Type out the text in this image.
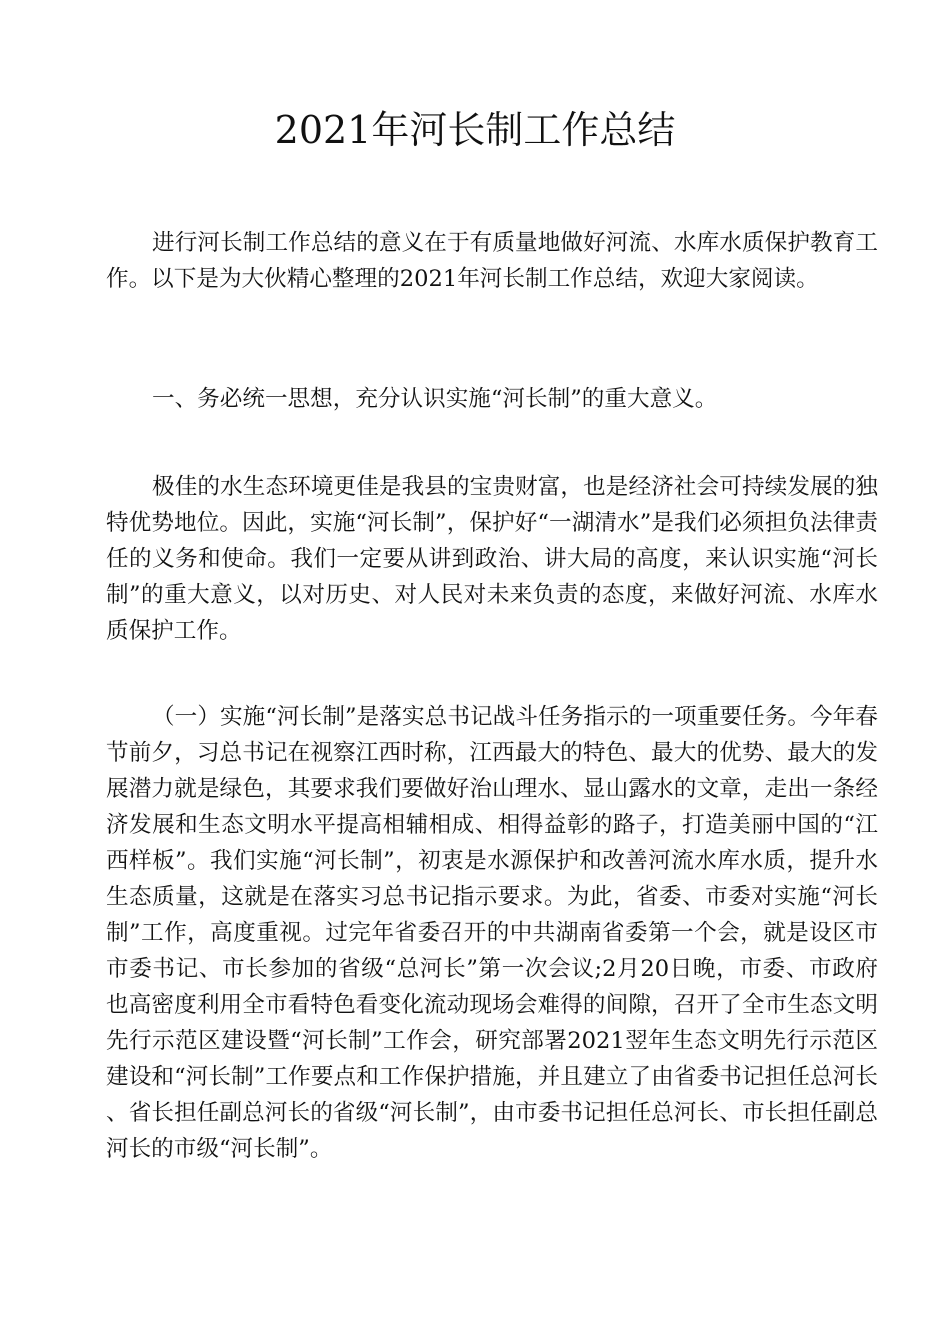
2021年河长制工作总结

进行河长制工作总结的意义在于有质量地做好河流、水库水质保护教育工作。以下是为大伙精心整理的2021年河长制工作总结，欢迎大家阅读。

一、务必统一思想，充分认识实施“河长制”的重大意义。

极佳的水生态环境更佳是我县的宝贵财富，也是经济社会可持续发展的独特优势地位。因此，实施“河长制”，保护好“一湖清水”是我们必须担负法律责任的义务和使命。我们一定要从讲到政治、讲大局的高度，来认识实施“河长制”的重大意义，以对历史、对人民对未来负责的态度，来做好河流、水库水质保护工作。

（一）实施“河长制”是落实总书记战斗任务指示的一项重要任务。今年春节前夕，习总书记在视察江西时称，江西最大的特色、最大的优势、最大的发展潜力就是绿色，其要求我们要做好治山理水、显山露水的文章，走出一条经济发展和生态文明水平提高相辅相成、相得益彰的路子，打造美丽中国的“江西样板”。我们实施“河长制”，初衷是水源保护和改善河流水库水质，提升水生态质量，这就是在落实习总书记指示要求。为此，省委、市委对实施“河长制”工作，高度重视。过完年省委召开的中共湖南省委第一个会，就是设区市市委书记、市长参加的省级“总河长”第一次会议;2月20日晚，市委、市政府也高密度利用全市看特色看变化流动现场会难得的间隙，召开了全市生态文明先行示范区建设暨“河长制”工作会，研究部署2021翌年生态文明先行示范区建设和“河长制”工作要点和工作保护措施，并且建立了由省委书记担任总河长、省长担任副总河长的省级“河长制”，由市委书记担任总河长、市长担任副总河长的市级“河长制”。
